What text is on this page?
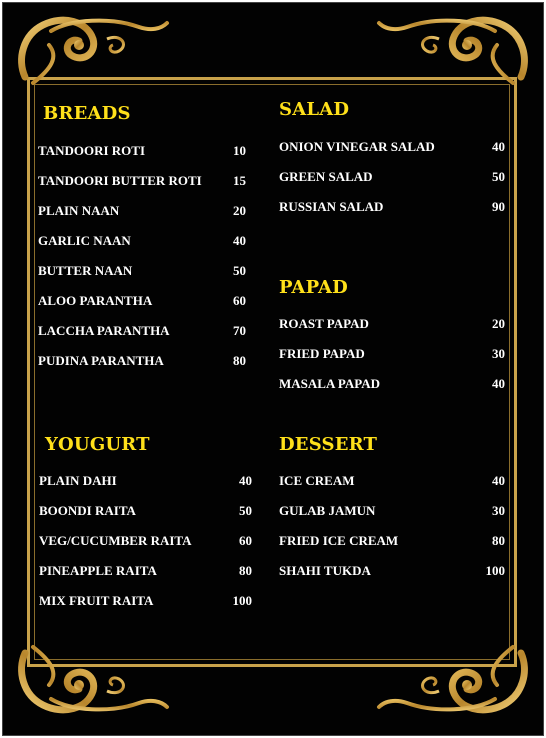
BREADS
TANDOORI ROTI	10
TANDOORI BUTTER ROTI	15
PLAIN NAAN	20
GARLIC NAAN	40
BUTTER NAAN	50
ALOO PARANTHA	60
LACCHA PARANTHA	70
PUDINA PARANTHA	80
SALAD
ONION VINEGAR SALAD	40
GREEN SALAD	50
RUSSIAN SALAD	90
PAPAD
ROAST PAPAD	20
FRIED PAPAD	30
MASALA PAPAD	40
YOUGURT
PLAIN DAHI	40
BOONDI RAITA	50
VEG/CUCUMBER RAITA	60
PINEAPPLE RAITA	80
MIX FRUIT RAITA	100
DESSERT
ICE CREAM	40
GULAB JAMUN	30
FRIED ICE CREAM	80
SHAHI TUKDA	100
